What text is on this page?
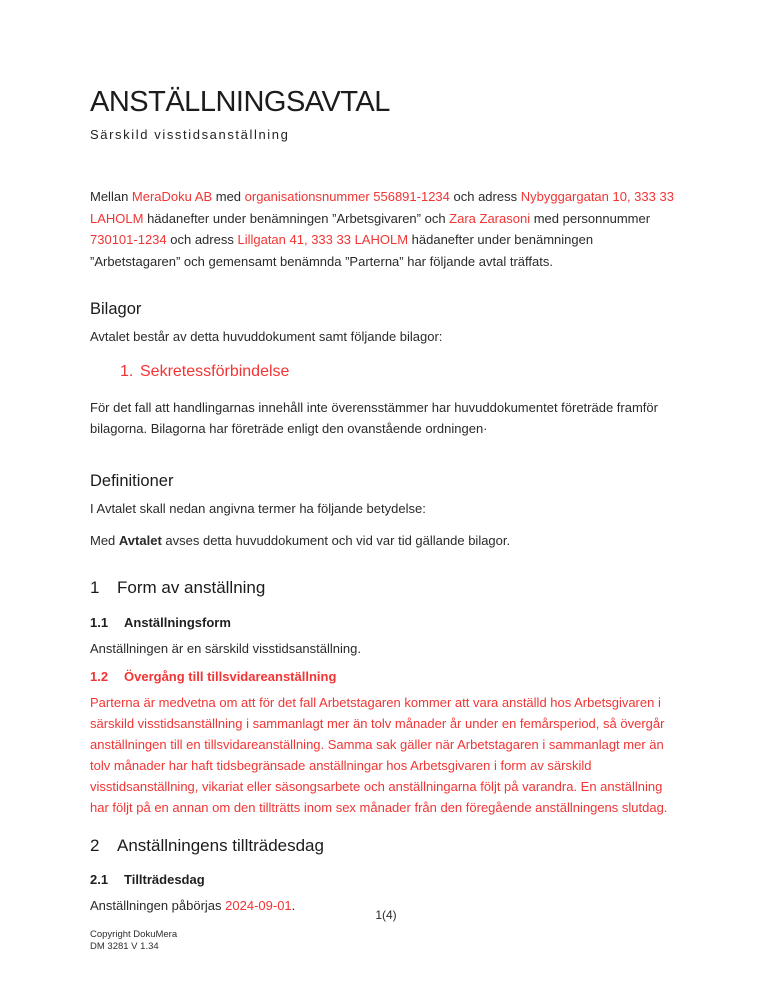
ANSTÄLLNINGSAVTAL
Särskild visstidsanställning

Mellan MeraDoku AB med organisationsnummer 556891-1234 och adress Nybyggargatan 10, 333 33 LAHOLM hädanefter under benämningen ”Arbetsgivaren” och Zara Zarasoni med personnummer 730101-1234 och adress Lillgatan 41, 333 33 LAHOLM hädanefter under benämningen ”Arbetstagaren” och gemensamt benämnda ”Parterna” har följande avtal träffats.

Bilagor

Avtalet består av detta huvuddokument samt följande bilagor:

1. Sekretessförbindelse

För det fall att handlingarnas innehåll inte överensstämmer har huvuddokumentet företräde framför bilagorna. Bilagorna har företräde enligt den ovanstående ordningen·

Definitioner

I Avtalet skall nedan angivna termer ha följande betydelse:

Med Avtalet avses detta huvuddokument och vid var tid gällande bilagor.

1	Form av anställning
1.1	Anställningsform

Anställningen är en särskild visstidsanställning.

1.2	Övergång till tillsvidareanställning

Parterna är medvetna om att för det fall Arbetstagaren kommer att vara anställd hos Arbetsgivaren i särskild visstidsanställning i sammanlagt mer än tolv månader år under en femårsperiod, så övergår anställningen till en tillsvidareanställning. Samma sak gäller när Arbetstagaren i sammanlagt mer än tolv månader har haft tidsbegränsade anställningar hos Arbetsgivaren i form av särskild visstidsanställning, vikariat eller säsongsarbete och anställningarna följt på varandra. En anställning har följt på en annan om den tillträtts inom sex månader från den föregående anställningens slutdag.

2	Anställningens tillträdesdag
2.1	Tillträdesdag

Anställningen påbörjas 2024-09-01.

1(4)
Copyright DokuMera
DM 3281 V 1.34
